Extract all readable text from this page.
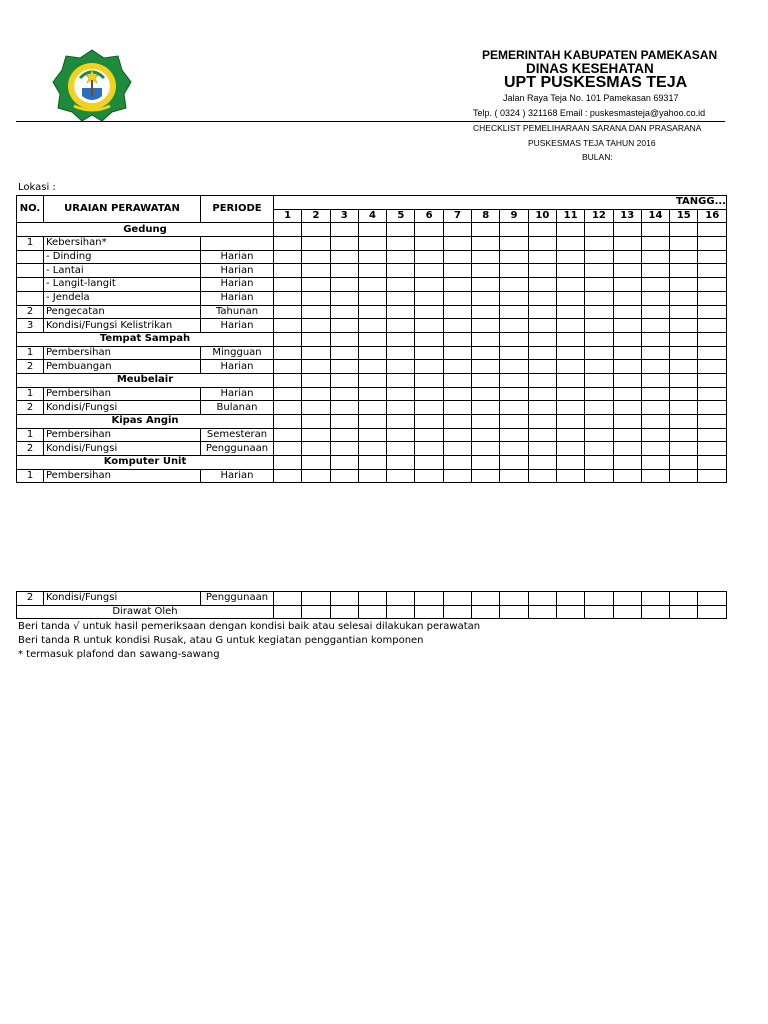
PEMERINTAH KABUPATEN PAMEKASAN
DINAS KESEHATAN
UPT PUSKESMAS TEJA
Jalan Raya Teja No. 101 Pamekasan 69317
Telp. ( 0324 ) 321168 Email : puskesmasteja@yahoo.co.id
CHECKLIST PEMELIHARAAN SARANA DAN PRASARANA
PUSKESMAS TEJA TAHUN 2016
BULAN:
Lokasi :
NO.	URAIAN PERAWATAN	PERIODE	TANGG...															
			1	2	3	4	5	6	7	8	9	10	11	12	13	14	15	16
Gedung																		
1	Kebersihan*																	
	- Dinding	Harian																
	- Lantai	Harian																
	- Langit-langit	Harian																
	- Jendela	Harian																
2	Pengecatan	Tahunan																
3	Kondisi/Fungsi Kelistrikan	Harian																
Tempat Sampah																		
1	Pembersihan	Mingguan																
2	Pembuangan	Harian																
Meubelair																		
1	Pembersihan	Harian																
2	Kondisi/Fungsi	Bulanan																
Kipas Angin																		
1	Pembersihan	Semesteran																
2	Kondisi/Fungsi	Penggunaan																
Komputer Unit																		
1	Pembersihan	Harian																
2	Kondisi/Fungsi	Penggunaan																
Dirawat Oleh																		
Beri tanda √ untuk hasil pemeriksaan dengan kondisi baik atau selesai dilakukan perawatan
Beri tanda R untuk kondisi Rusak, atau G untuk kegiatan penggantian komponen
* termasuk plafond dan sawang-sawang
